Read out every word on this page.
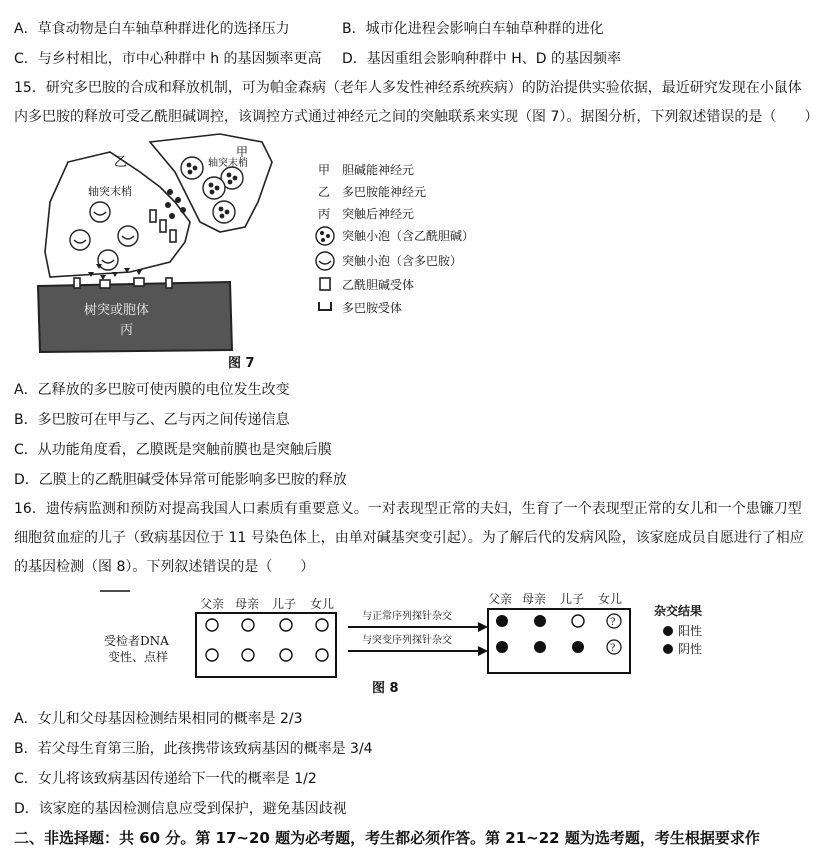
A．草食动物是白车轴草种群进化的选择压力	B．城市化进程会影响白车轴草种群的进化
C．与乡村相比，市中心种群中 h 的基因频率更高 D．基因重组会影响种群中 H、D 的基因频率
15．研究多巴胺的合成和释放机制，可为帕金森病（老年人多发性神经系统疾病）的防治提供实验依据，最近研究发现在小鼠体内多巴胺的释放可受乙酰胆碱调控，该调控方式通过神经元之间的突触联系来实现（图 7）。据图分析，下列叙述错误的是（　　）
乙
轴突末梢
甲
轴突末梢
树突或胞体
丙
甲 胆碱能神经元
乙 多巴胺能神经元
丙 突触后神经元
突触小泡（含乙酰胆碱）
突触小泡（含多巴胺）
乙酰胆碱受体
多巴胺受体
图 7
A．乙释放的多巴胺可使丙膜的电位发生改变
B．多巴胺可在甲与乙、乙与丙之间传递信息
C．从功能角度看，乙膜既是突触前膜也是突触后膜
D．乙膜上的乙酰胆碱受体异常可能影响多巴胺的释放
16．遗传病监测和预防对提高我国人口素质有重要意义。一对表现型正常的夫妇，生育了一个表现型正常的女儿和一个患镰刀型细胞贫血症的儿子（致病基因位于 11 号染色体上，由单对碱基突变引起）。为了解后代的发病风险，该家庭成员自愿进行了相应的基因检测（图 8）。下列叙述错误的是（　　）
父亲 母亲 儿子 女儿
受检者DNA
变性、点样
与正常序列探针杂交
与突变序列探针杂交
父亲 母亲 儿子 女儿
?
?
杂交结果
阳性
阴性
图 8
A．女儿和父母基因检测结果相同的概率是 2/3
B．若父母生育第三胎，此孩携带该致病基因的概率是 3/4
C．女儿将该致病基因传递给下一代的概率是 1/2
D．该家庭的基因检测信息应受到保护，避免基因歧视
二、非选择题：共 60 分。第 17~20 题为必考题，考生都必须作答。第 21~22 题为选考题，考生根据要求作
